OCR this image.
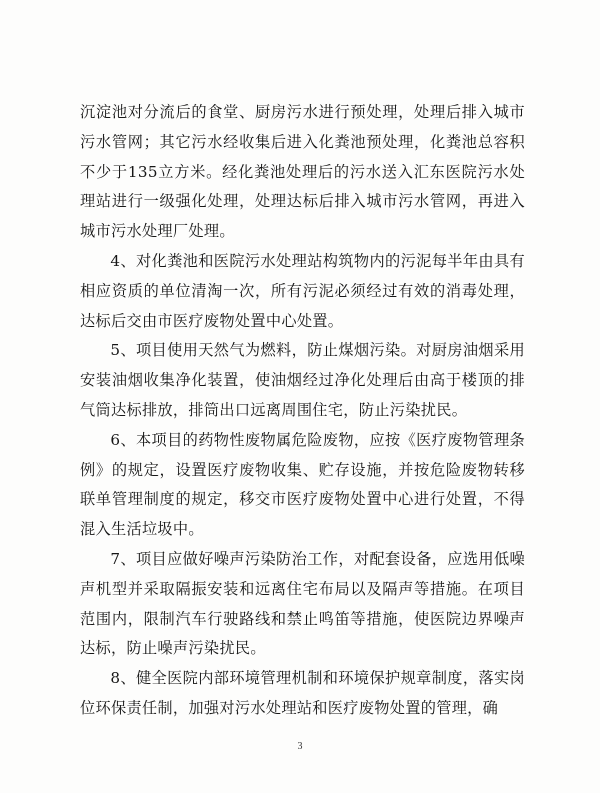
沉淀池对分流后的食堂、厨房污水进行预处理，处理后排入城市污水管网；其它污水经收集后进入化粪池预处理，化粪池总容积不少于135立方米。经化粪池处理后的污水送入汇东医院污水处理站进行一级强化处理，处理达标后排入城市污水管网，再进入城市污水处理厂处理。

4、对化粪池和医院污水处理站构筑物内的污泥每半年由具有相应资质的单位清淘一次，所有污泥必须经过有效的消毒处理，达标后交由市医疗废物处置中心处置。

5、项目使用天然气为燃料，防止煤烟污染。对厨房油烟采用安装油烟收集净化装置，使油烟经过净化处理后由高于楼顶的排气筒达标排放，排筒出口远离周围住宅，防止污染扰民。

6、本项目的药物性废物属危险废物，应按《医疗废物管理条例》的规定，设置医疗废物收集、贮存设施，并按危险废物转移联单管理制度的规定，移交市医疗废物处置中心进行处置，不得混入生活垃圾中。

7、项目应做好噪声污染防治工作，对配套设备，应选用低噪声机型并采取隔振安装和远离住宅布局以及隔声等措施。在项目范围内，限制汽车行驶路线和禁止鸣笛等措施，使医院边界噪声达标，防止噪声污染扰民。

8、健全医院内部环境管理机制和环境保护规章制度，落实岗位环保责任制，加强对污水处理站和医疗废物处置的管理，确

3
